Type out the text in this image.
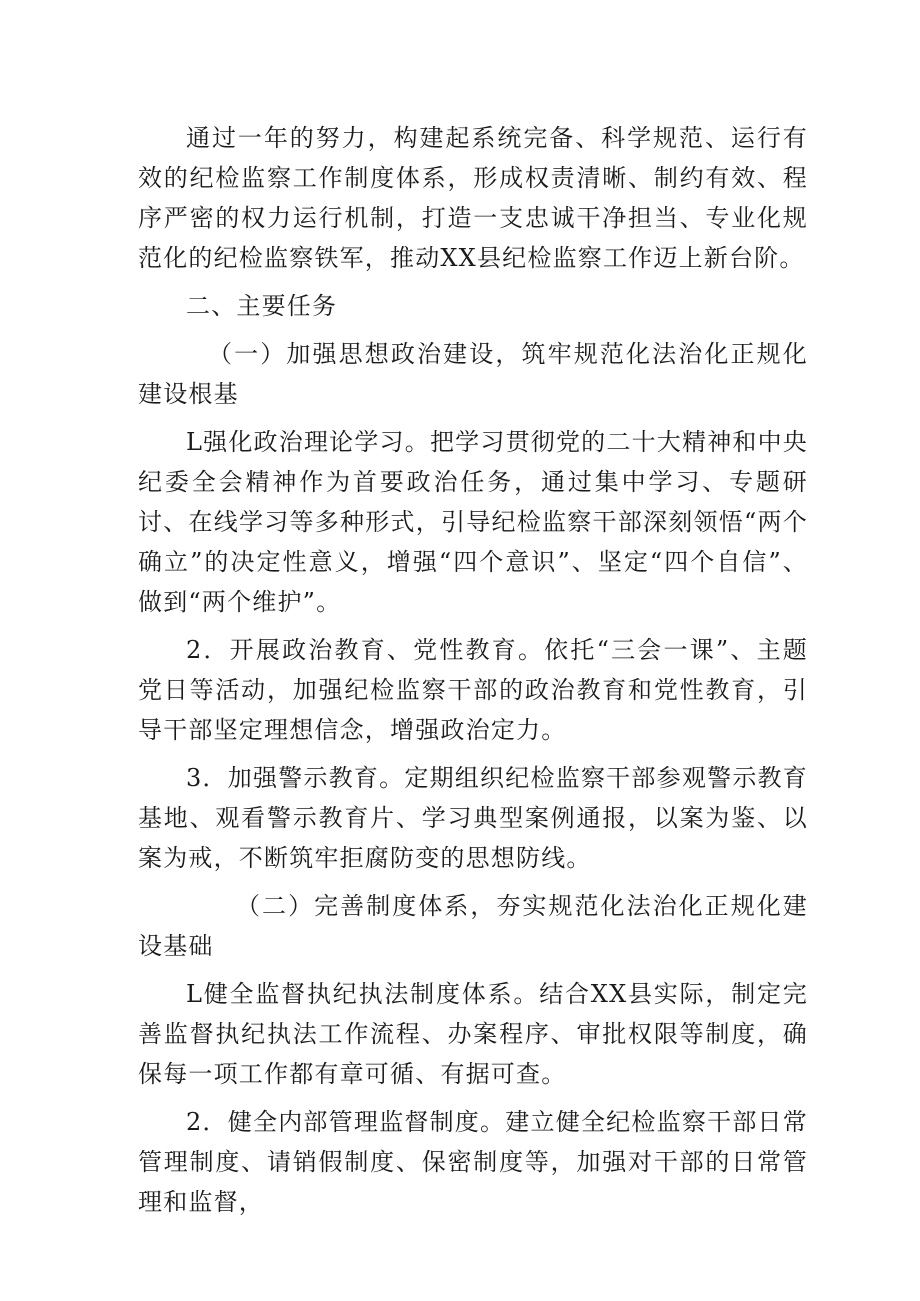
通过一年的努力，构建起系统完备、科学规范、运行有效的纪检监察工作制度体系，形成权责清晰、制约有效、程序严密的权力运行机制，打造一支忠诚干净担当、专业化规范化的纪检监察铁军，推动XX县纪检监察工作迈上新台阶。

二、主要任务

（一）加强思想政治建设，筑牢规范化法治化正规化建设根基

L强化政治理论学习。把学习贯彻党的二十大精神和中央纪委全会精神作为首要政治任务，通过集中学习、专题研讨、在线学习等多种形式，引导纪检监察干部深刻领悟“两个确立”的决定性意义，增强“四个意识”、坚定“四个自信”、做到“两个维护”。

2．开展政治教育、党性教育。依托“三会一课”、主题党日等活动，加强纪检监察干部的政治教育和党性教育，引导干部坚定理想信念，增强政治定力。

3．加强警示教育。定期组织纪检监察干部参观警示教育基地、观看警示教育片、学习典型案例通报，以案为鉴、以案为戒，不断筑牢拒腐防变的思想防线。

（二）完善制度体系，夯实规范化法治化正规化建设基础

L健全监督执纪执法制度体系。结合XX县实际，制定完善监督执纪执法工作流程、办案程序、审批权限等制度，确保每一项工作都有章可循、有据可查。

2．健全内部管理监督制度。建立健全纪检监察干部日常管理制度、请销假制度、保密制度等，加强对干部的日常管理和监督，
